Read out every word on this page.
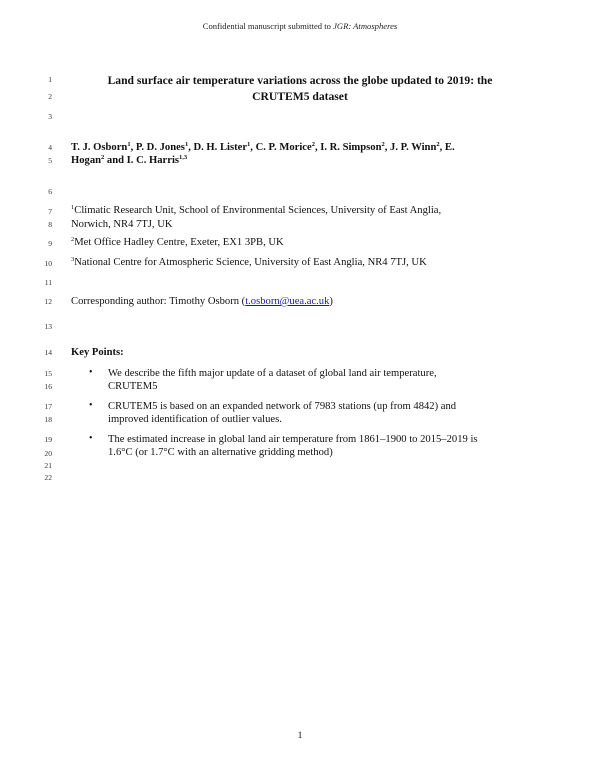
Confidential manuscript submitted to JGR: Atmospheres
1
2
3
4
5
6
7
8
9
10
11
12
13
14
15
16
17
18
19
20
21
22
Land surface air temperature variations across the globe updated to 2019: the
CRUTEM5 dataset
T. J. Osborn$^1$, P. D. Jones$^1$, D. H. Lister$^1$, C. P. Morice$^2$, I. R. Simpson$^2$, J. P. Winn$^2$, E.
Hogan$^2$ and I. C. Harris$^{1,3}$
$^1$Climatic Research Unit, School of Environmental Sciences, University of East Anglia,
Norwich, NR4 7TJ, UK
$^2$Met Office Hadley Centre, Exeter, EX1 3PB, UK
$^3$National Centre for Atmospheric Science, University of East Anglia, NR4 7TJ, UK
Corresponding author: Timothy Osborn (t.osborn@uea.ac.uk)
Key Points:
• We describe the fifth major update of a dataset of global land air temperature,
CRUTEM5
• CRUTEM5 is based on an expanded network of 7983 stations (up from 4842) and
improved identification of outlier values.
• The estimated increase in global land air temperature from 1861–1900 to 2015–2019 is
1.6°C (or 1.7°C with an alternative gridding method)
1
